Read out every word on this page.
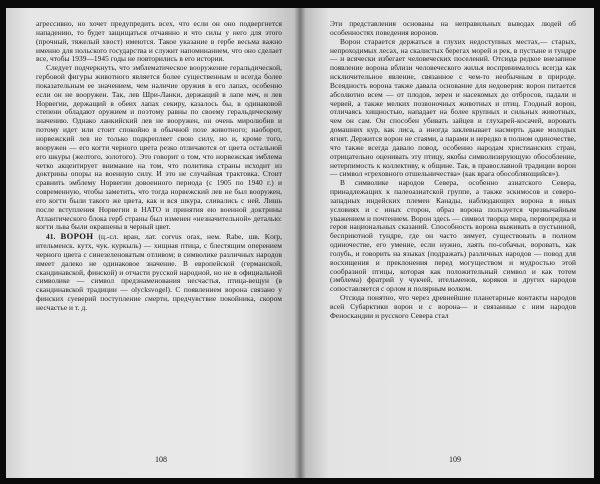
агрессивно, но хочет предупредить всех, что если он оно подвергнется нападению, то будет защищаться отчаянно и что силы у него для этого (прочный, тяжелый хвост) имеются. Такое указание в гербе весьма важно именно для польского государства и служит напоминанием, что оно сделает все, чтобы 1939—1945 годы не повторились в его истории.

Следует подчеркнуть, что эмблематическое вооружение геральдической, гербовой фигуры животного является более существенным и всегда более показательным ее значением, чем наличие оружия в его лапах, особенно если он не вооружен. Так, лев Шри-Ланки, держащий в лапе меч, и лев Норвегии, держащий в обеих лапах секиру, казалось бы, в одинаковой степени обладают оружием и поэтому равны по своему геральдическому значению. Однако ланкийский лев не вооружен, он очень миролюбив и потому идет или стоит спокойно в обычной позе животного; наоборот, норвежский лев не только подкрепляет свою силу, но и, кроме того, вооружен — его когти черного цвета резко отличаются от цвета остальной его шкуры (желтого, золотого). Это говорит о том, что норвежская эмблема четко акцентирует внимание на том, что политика страны исходит из доктрины опоры на военную силу. И это не случайная трактовка. Стоит сравнить эмблему Норвегии довоенного периода (с 1905 по 1940 г.) и современную, чтобы заметить, что тогда норвежский лев не был вооружен, его когти были такого же цвета, как и вся шкура, сливались с ней. Лишь после вступления Норвегии в НАТО и принятия ею военной доктрины Атлантического блока герб страны был изменен «незначительной» деталью: когти льва были окрашены в черный цвет.

41. ВОРОН (ц.-сл. вран, лат. corvus orax, нем. Rabe, шв. Korp, ительменск. кутх, чук. куркыль) — хищная птица, с блестящим оперением черного цвета с синезеленоватым отливом; в символике различных народов имеет далеко не одинаковое значение. В европейской (германской, скандинавской, финской) и отчасти русской народной, но не в официальной символике — символ предзнаменования несчастья, птица-вещун (в скандинавской традиции — olycksvogel). С появлением ворона связано у финских суеверий поступление смерти, предчувствие покойника, скором несчастье и т. д.

108

Эти представления основаны на неправильных выводах людей об особенностях поведения воронов.

Ворон старается держаться в глухих недоступных местах,— старых, непроходимых лесах, на скалистых берегах морей и рек, в пустыне и тундре — и всячески избегает человеческих поселений. Отсюда редкое внезапное появление ворона вблизи человеческого жилья воспринималось всегда как исключительное явление, связанное с чем-то необычным в природе. Всеядность ворона также давала основание для недоверия: ворон питается абсолютно всем — от плодов, зерен и насекомых до отбросов, падали и червей, а также мелких позвоночных животных и птиц. Глодный ворон, отличаясь хищностью, нападает на более крупных и сильных животных, чем он сам. Он способен убивать зайцев и глухарей-косачей, воровать домашних кур, как лиса, а иногда заклевывает насмерть даже молодых ягнят. Держится ворон не стаями, а парами и нередко в полном одиночестве, что также всегда давало повод, особенно народам христианских стран, отрицательно оценивать эту птицу, якобы символизирующую обособление, нетерпимость к коллективу, к общине. Так, в православной традиции ворон — символ «греховного отшельничества» (как врага обособляющийся»).

В символике народов Севера, особенно азиатского Севера, принадлежащих к палеоазиатской группе, а также эскимосов и северо-западных индейских племен Канады, наблюдающих ворона в иных условиях и с иных сторон, образ ворона пользуется чрезвычайным уважением и почтением. Ворон здесь — символ творца мира, первопредка и героя национальных сказаний. Способность ворона выживать в пустынной, бесприютной тундре, где он часто зимует, существовать в полном одиночестве, его умение, если нужно, лаять по-собачьи, воровать, как голубь, и говорить на языках (подражать) различных народов — повод для восхищения и преклонения перед могуществом и мудростью этой сообразной птицы, которая как положительный символ и как тотем (эмблема) фратрий у чукчей, ительменов, коряков и других народов сопоставляется с орлом и полярным волком.

Отсюда понятно, что через древнейшие планетарные контакты народов всей Субарктики ворон и с ворона— и связанные с ним народов Феноскандии и русского Севера стал

109
